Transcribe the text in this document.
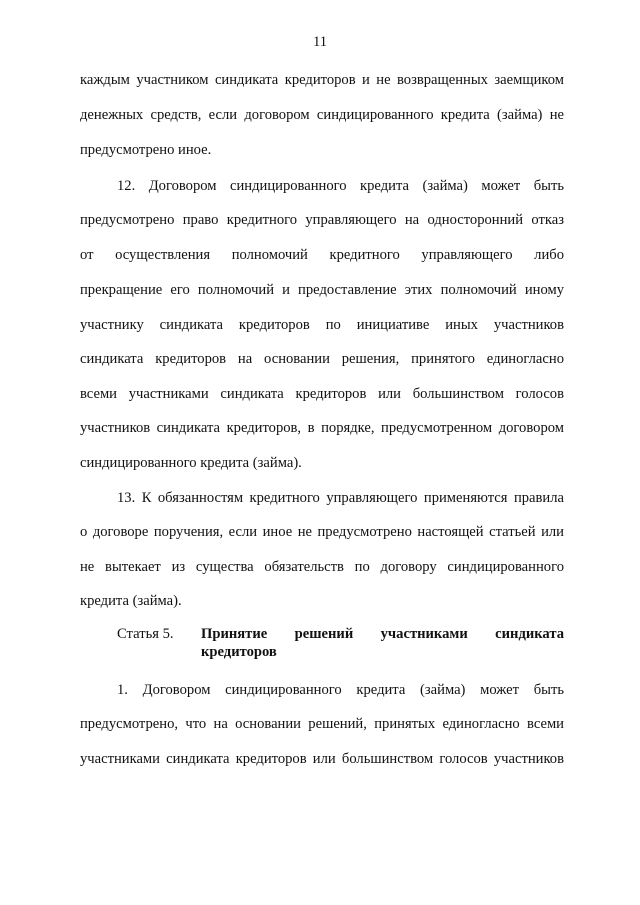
11
каждым участником синдиката кредиторов и не возвращенных заемщиком
денежных средств, если договором синдицированного кредита (займа) не
предусмотрено иное.
12. Договором синдицированного кредита (займа) может быть
предусмотрено право кредитного управляющего на односторонний отказ
от осуществления полномочий кредитного управляющего либо
прекращение его полномочий и предоставление этих полномочий иному
участнику синдиката кредиторов по инициативе иных участников
синдиката кредиторов на основании решения, принятого единогласно
всеми участниками синдиката кредиторов или большинством голосов
участников синдиката кредиторов, в порядке, предусмотренном договором
синдицированного кредита (займа).
13. К обязанностям кредитного управляющего применяются правила
о договоре поручения, если иное не предусмотрено настоящей статьей или
не вытекает из существа обязательств по договору синдицированного
кредита (займа).
Статья 5. Принятие решений участниками синдиката
кредиторов
1. Договором синдицированного кредита (займа) может быть
предусмотрено, что на основании решений, принятых единогласно всеми
участниками синдиката кредиторов или большинством голосов участников
